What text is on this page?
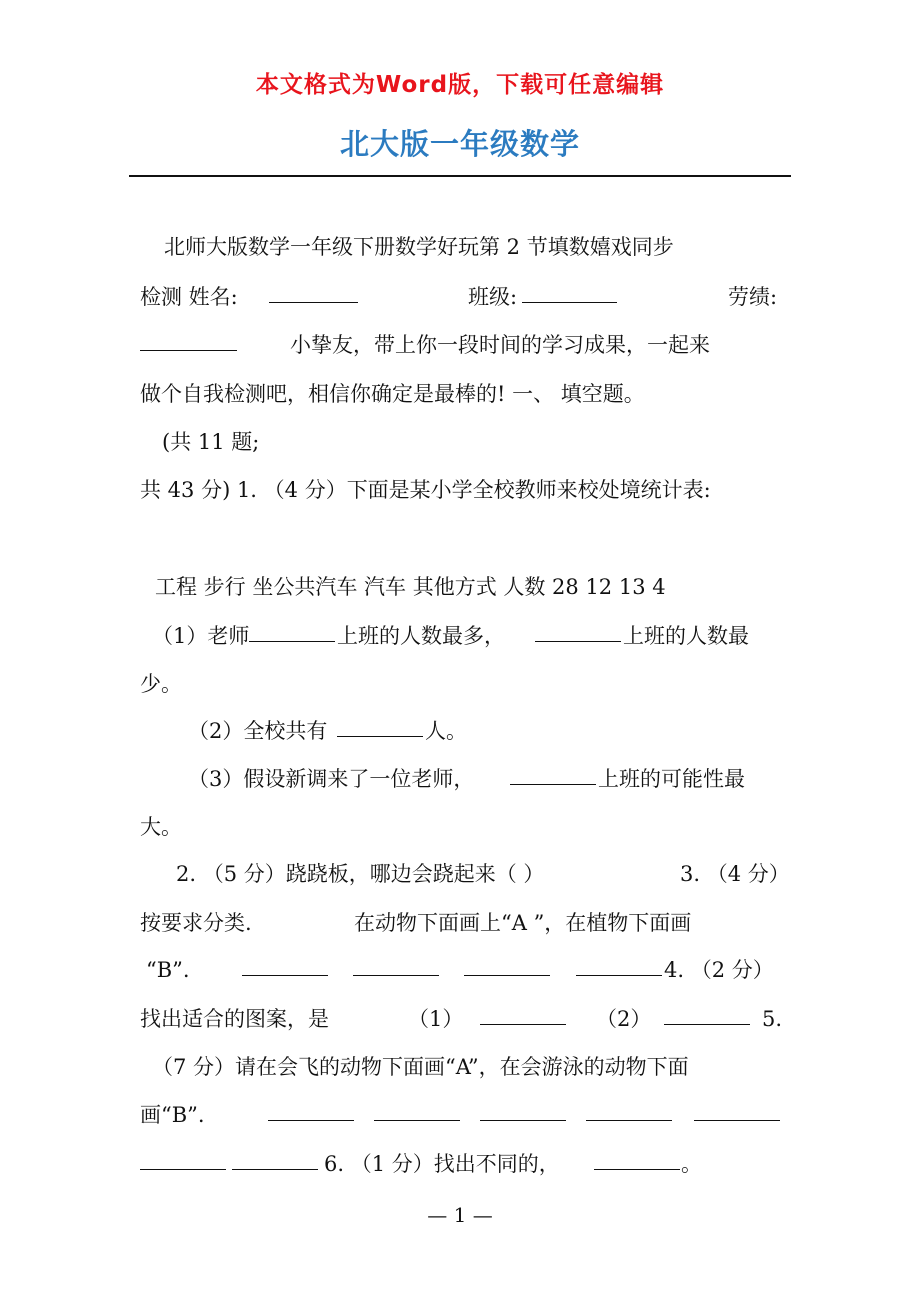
本文格式为Word版，下载可任意编辑
北大版一年级数学
北师大版数学一年级下册数学好玩第 2 节填数嬉戏同步
检测 姓名:	班级:	劳绩:
小挚友，带上你一段时间的学习成果，一起来
做个自我检测吧，相信你确定是最棒的! 一、 填空题。
(共 11 题;
共 43 分) 1. （4 分）下面是某小学全校教师来校处境统计表:
工程 步行 坐公共汽车 汽车 其他方式 人数 28 12 13 4
（1）老师	上班的人数最多，	上班的人数最
少。
（2）全校共有	人。
（3）假设新调来了一位老师，	上班的可能性最
大。
2. （5 分）跷跷板，哪边会跷起来（ ）	3. （4 分）
按要求分类.	在动物下面画上“A ”，在植物下面画
“B”.	4. （2 分）
找出适合的图案，是	（1）	（2）	5.
（7 分）请在会飞的动物下面画“A”，在会游泳的动物下面
画“B”.
6. （1 分）找出不同的，	。
— 1 —
